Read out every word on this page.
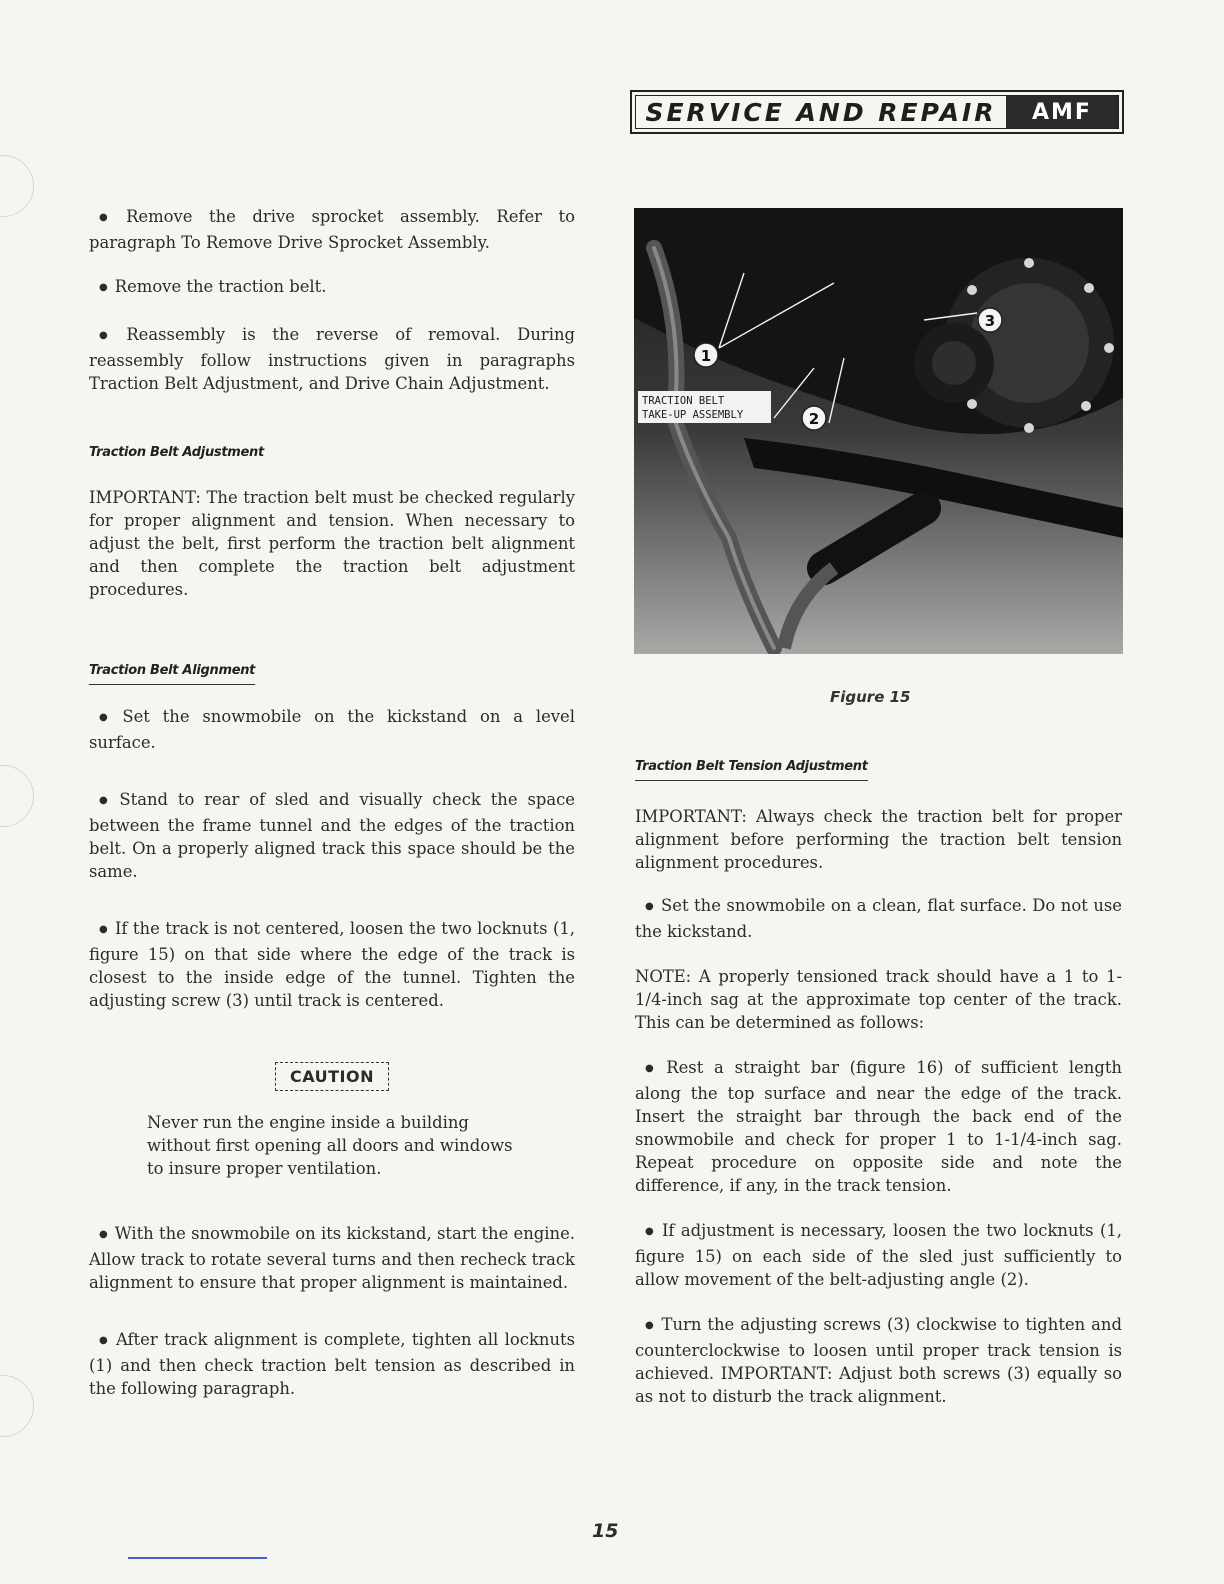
SERVICE AND REPAIR	AMF

● Remove the drive sprocket assembly. Refer to paragraph To Remove Drive Sprocket Assembly.

● Remove the traction belt.

● Reassembly is the reverse of removal. During reassembly follow instructions given in paragraphs Traction Belt Adjustment, and Drive Chain Adjustment.

Traction Belt Adjustment

IMPORTANT: The traction belt must be checked regularly for proper alignment and tension. When necessary to adjust the belt, first perform the traction belt alignment and then complete the traction belt adjustment procedures.

Traction Belt Alignment

● Set the snowmobile on the kickstand on a level surface.

● Stand to rear of sled and visually check the space between the frame tunnel and the edges of the traction belt. On a properly aligned track this space should be the same.

● If the track is not centered, loosen the two locknuts (1, figure 15) on that side where the edge of the track is closest to the inside edge of the tunnel. Tighten the adjusting screw (3) until track is centered.

CAUTION

Never run the engine inside a building without first opening all doors and windows to insure proper ventilation.

● With the snowmobile on its kickstand, start the engine. Allow track to rotate several turns and then recheck track alignment to ensure that proper alignment is maintained.

● After track alignment is complete, tighten all locknuts (1) and then check traction belt tension as described in the following paragraph.

1
2
3
TRACTION BELT
TAKE-UP ASSEMBLY
Figure 15
Traction Belt Tension Adjustment

IMPORTANT: Always check the traction belt for proper alignment before performing the traction belt tension alignment procedures.

● Set the snowmobile on a clean, flat surface. Do not use the kickstand.

NOTE: A properly tensioned track should have a 1 to 1-1/4-inch sag at the approximate top center of the track. This can be determined as follows:

● Rest a straight bar (figure 16) of sufficient length along the top surface and near the edge of the track. Insert the straight bar through the back end of the snowmobile and check for proper 1 to 1-1/4-inch sag. Repeat procedure on opposite side and note the difference, if any, in the track tension.

● If adjustment is necessary, loosen the two locknuts (1, figure 15) on each side of the sled just sufficiently to allow movement of the belt-adjusting angle (2).

● Turn the adjusting screws (3) clockwise to tighten and counterclockwise to loosen until proper track tension is achieved. IMPORTANT: Adjust both screws (3) equally so as not to disturb the track alignment.

15
